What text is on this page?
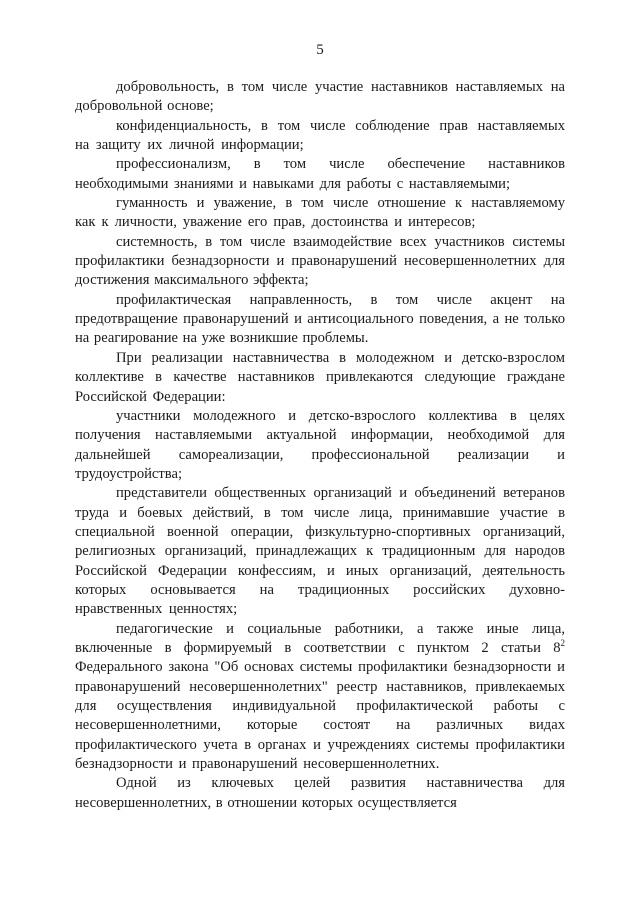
5

добровольность, в том числе участие наставников наставляемых на добровольной основе;

конфиденциальность, в том числе соблюдение прав наставляемых на защиту их личной информации;

профессионализм, в том числе обеспечение наставников необходимыми знаниями и навыками для работы с наставляемыми;

гуманность и уважение, в том числе отношение к наставляемому как к личности, уважение его прав, достоинства и интересов;

системность, в том числе взаимодействие всех участников системы профилактики безнадзорности и правонарушений несовершеннолетних для достижения максимального эффекта;

профилактическая направленность, в том числе акцент на предотвращение правонарушений и антисоциального поведения, а не только на реагирование на уже возникшие проблемы.

При реализации наставничества в молодежном и детско-взрослом коллективе в качестве наставников привлекаются следующие граждане Российской Федерации:

участники молодежного и детско-взрослого коллектива в целях получения наставляемыми актуальной информации, необходимой для дальнейшей самореализации, профессиональной реализации и трудоустройства;

представители общественных организаций и объединений ветеранов труда и боевых действий, в том числе лица, принимавшие участие в специальной военной операции, физкультурно-спортивных организаций, религиозных организаций, принадлежащих к традиционным для народов Российской Федерации конфессиям, и иных организаций, деятельность которых основывается на традиционных российских духовно-нравственных ценностях;

педагогические и социальные работники, а также иные лица, включенные в формируемый в соответствии с пунктом 2 статьи $8^2$ Федерального закона "Об основах системы профилактики безнадзорности и правонарушений несовершеннолетних" реестр наставников, привлекаемых для осуществления индивидуальной профилактической работы с несовершеннолетними, которые состоят на различных видах профилактического учета в органах и учреждениях системы профилактики безнадзорности и правонарушений несовершеннолетних.

Одной из ключевых целей развития наставничества для несовершеннолетних, в отношении которых осуществляется
